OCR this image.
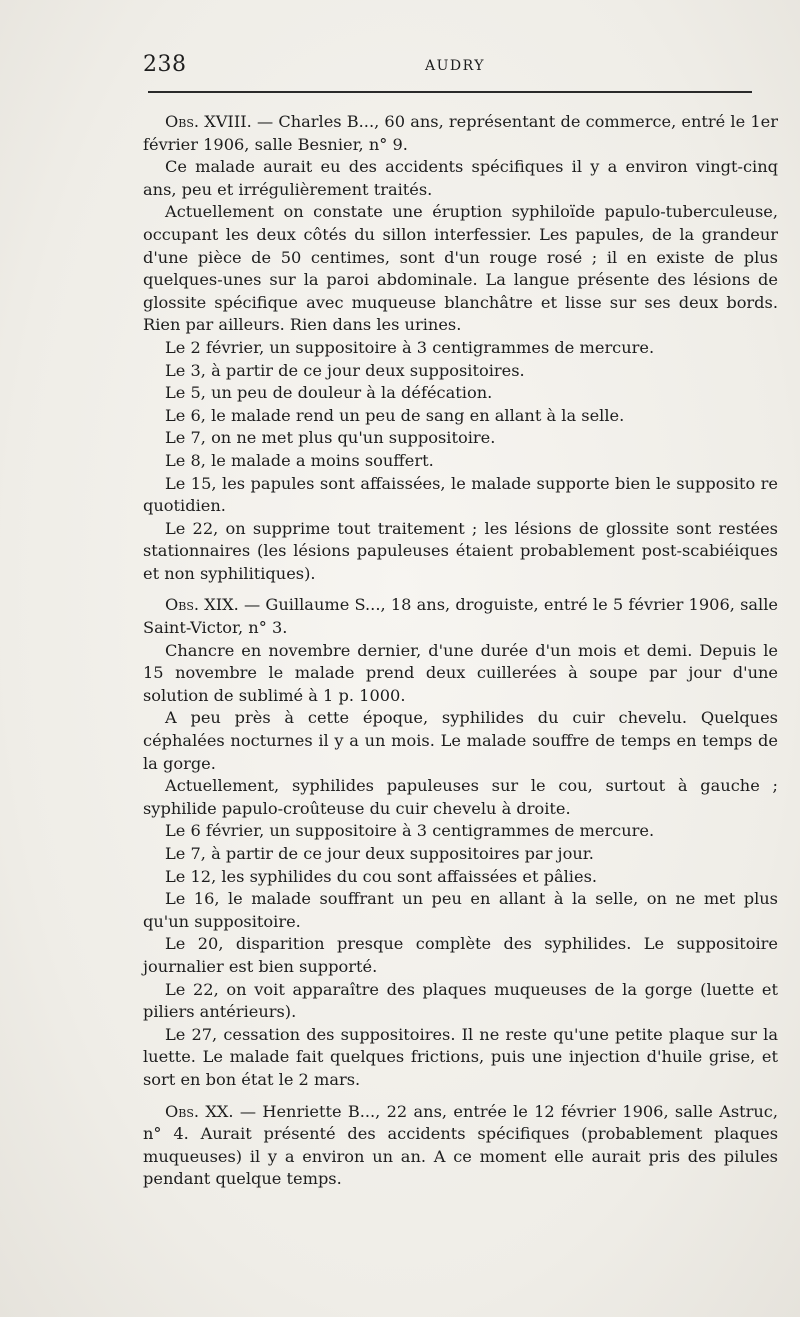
238	AUDRY

Obs. XVIII. — Charles B..., 60 ans, représentant de commerce, entré le 1er février 1906, salle Besnier, n° 9.

Ce malade aurait eu des accidents spécifiques il y a environ vingt-cinq ans, peu et irrégulièrement traités.

Actuellement on constate une éruption syphiloïde papulo-tuberculeuse, occupant les deux côtés du sillon interfessier. Les papules, de la grandeur d'une pièce de 50 centimes, sont d'un rouge rosé ; il en existe de plus quelques-unes sur la paroi abdominale. La langue présente des lésions de glossite spécifique avec muqueuse blanchâtre et lisse sur ses deux bords. Rien par ailleurs. Rien dans les urines.

Le 2 février, un suppositoire à 3 centigrammes de mercure.

Le 3, à partir de ce jour deux suppositoires.

Le 5, un peu de douleur à la défécation.

Le 6, le malade rend un peu de sang en allant à la selle.

Le 7, on ne met plus qu'un suppositoire.

Le 8, le malade a moins souffert.

Le 15, les papules sont affaissées, le malade supporte bien le supposito re quotidien.

Le 22, on supprime tout traitement ; les lésions de glossite sont restées stationnaires (les lésions papuleuses étaient probablement post-scabiéiques et non syphilitiques).

Obs. XIX. — Guillaume S..., 18 ans, droguiste, entré le 5 février 1906, salle Saint-Victor, n° 3.

Chancre en novembre dernier, d'une durée d'un mois et demi. Depuis le 15 novembre le malade prend deux cuillerées à soupe par jour d'une solution de sublimé à 1 p. 1000.

A peu près à cette époque, syphilides du cuir chevelu. Quelques céphalées nocturnes il y a un mois. Le malade souffre de temps en temps de la gorge.

Actuellement, syphilides papuleuses sur le cou, surtout à gauche ; syphilide papulo-croûteuse du cuir chevelu à droite.

Le 6 février, un suppositoire à 3 centigrammes de mercure.

Le 7, à partir de ce jour deux suppositoires par jour.

Le 12, les syphilides du cou sont affaissées et pâlies.

Le 16, le malade souffrant un peu en allant à la selle, on ne met plus qu'un suppositoire.

Le 20, disparition presque complète des syphilides. Le suppositoire journalier est bien supporté.

Le 22, on voit apparaître des plaques muqueuses de la gorge (luette et piliers antérieurs).

Le 27, cessation des suppositoires. Il ne reste qu'une petite plaque sur la luette. Le malade fait quelques frictions, puis une injection d'huile grise, et sort en bon état le 2 mars.

Obs. XX. — Henriette B..., 22 ans, entrée le 12 février 1906, salle Astruc, n° 4. Aurait présenté des accidents spécifiques (probablement plaques muqueuses) il y a environ un an. A ce moment elle aurait pris des pilules pendant quelque temps.
